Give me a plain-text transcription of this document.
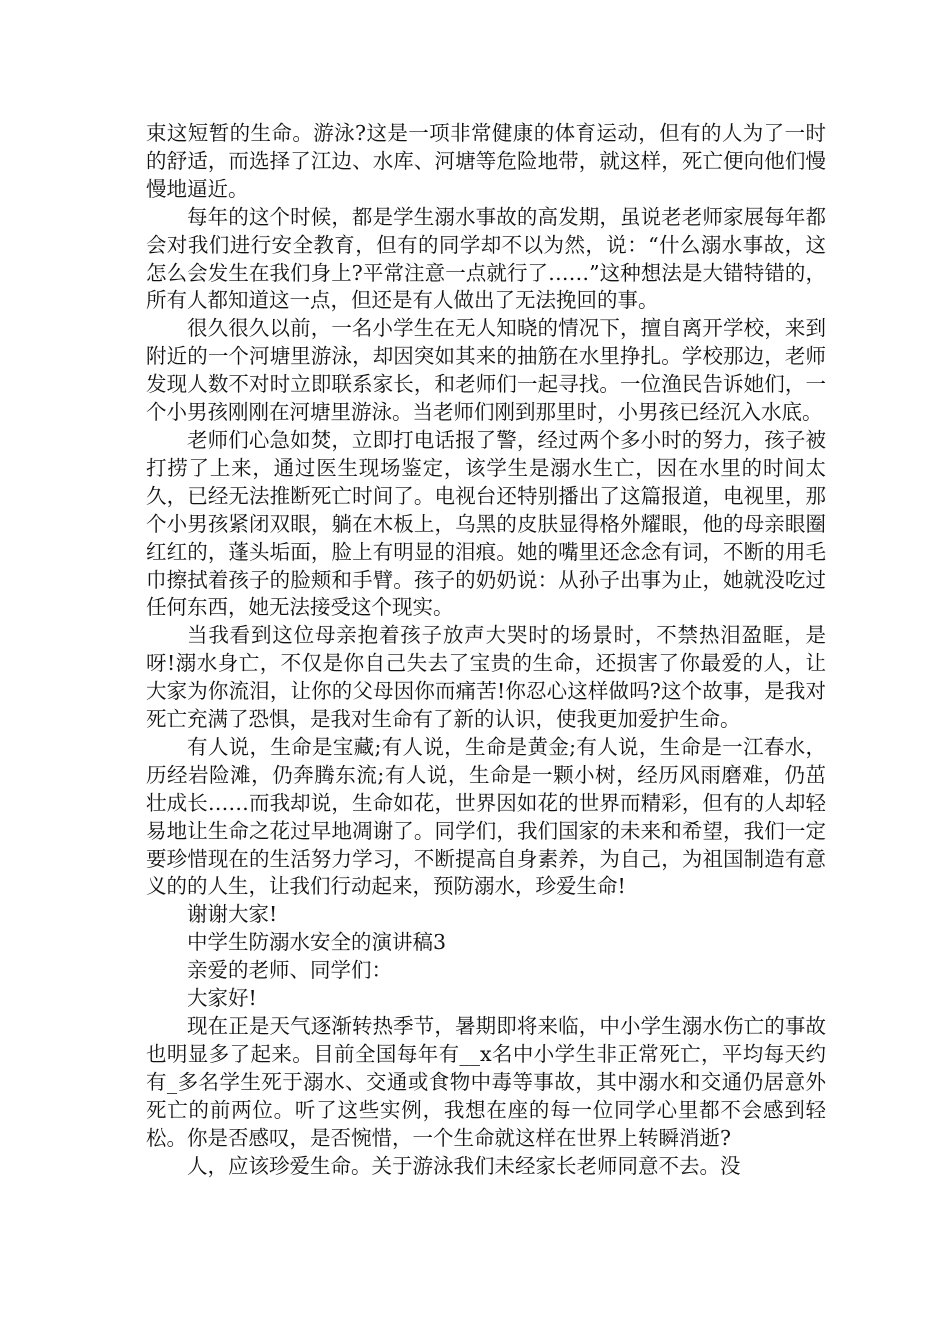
束这短暂的生命。游泳?这是一项非常健康的体育运动，但有的人为了一时的舒适，而选择了江边、水库、河塘等危险地带，就这样，死亡便向他们慢慢地逼近。

每年的这个时候，都是学生溺水事故的高发期，虽说老老师家展每年都会对我们进行安全教育，但有的同学却不以为然，说：“什么溺水事故，这怎么会发生在我们身上?平常注意一点就行了……”这种想法是大错特错的，所有人都知道这一点，但还是有人做出了无法挽回的事。

很久很久以前，一名小学生在无人知晓的情况下，擅自离开学校，来到附近的一个河塘里游泳，却因突如其来的抽筋在水里挣扎。学校那边，老师发现人数不对时立即联系家长，和老师们一起寻找。一位渔民告诉她们，一个小男孩刚刚在河塘里游泳。当老师们刚到那里时，小男孩已经沉入水底。

老师们心急如焚，立即打电话报了警，经过两个多小时的努力，孩子被打捞了上来，通过医生现场鉴定，该学生是溺水生亡，因在水里的时间太久，已经无法推断死亡时间了。电视台还特别播出了这篇报道，电视里，那个小男孩紧闭双眼，躺在木板上，乌黑的皮肤显得格外耀眼，他的母亲眼圈红红的，蓬头垢面，脸上有明显的泪痕。她的嘴里还念念有词，不断的用毛巾擦拭着孩子的脸颊和手臂。孩子的奶奶说：从孙子出事为止，她就没吃过任何东西，她无法接受这个现实。

当我看到这位母亲抱着孩子放声大哭时的场景时，不禁热泪盈眶，是呀!溺水身亡，不仅是你自己失去了宝贵的生命，还损害了你最爱的人，让大家为你流泪，让你的父母因你而痛苦!你忍心这样做吗?这个故事，是我对死亡充满了恐惧，是我对生命有了新的认识，使我更加爱护生命。

有人说，生命是宝藏;有人说，生命是黄金;有人说，生命是一江春水，历经岩险滩，仍奔腾东流;有人说，生命是一颗小树，经历风雨磨难，仍茁壮成长……而我却说，生命如花，世界因如花的世界而精彩，但有的人却轻易地让生命之花过早地凋谢了。同学们，我们国家的未来和希望，我们一定要珍惜现在的生活努力学习，不断提高自身素养，为自己，为祖国制造有意义的的人生，让我们行动起来，预防溺水，珍爱生命!

谢谢大家!

中学生防溺水安全的演讲稿3

亲爱的老师、同学们：

大家好!

现在正是天气逐渐转热季节，暑期即将来临，中小学生溺水伤亡的事故也明显多了起来。目前全国每年有__x名中小学生非正常死亡，平均每天约有_多名学生死于溺水、交通或食物中毒等事故，其中溺水和交通仍居意外死亡的前两位。听了这些实例，我想在座的每一位同学心里都不会感到轻松。你是否感叹，是否惋惜，一个生命就这样在世界上转瞬消逝?

人，应该珍爱生命。关于游泳我们未经家长老师同意不去。没
